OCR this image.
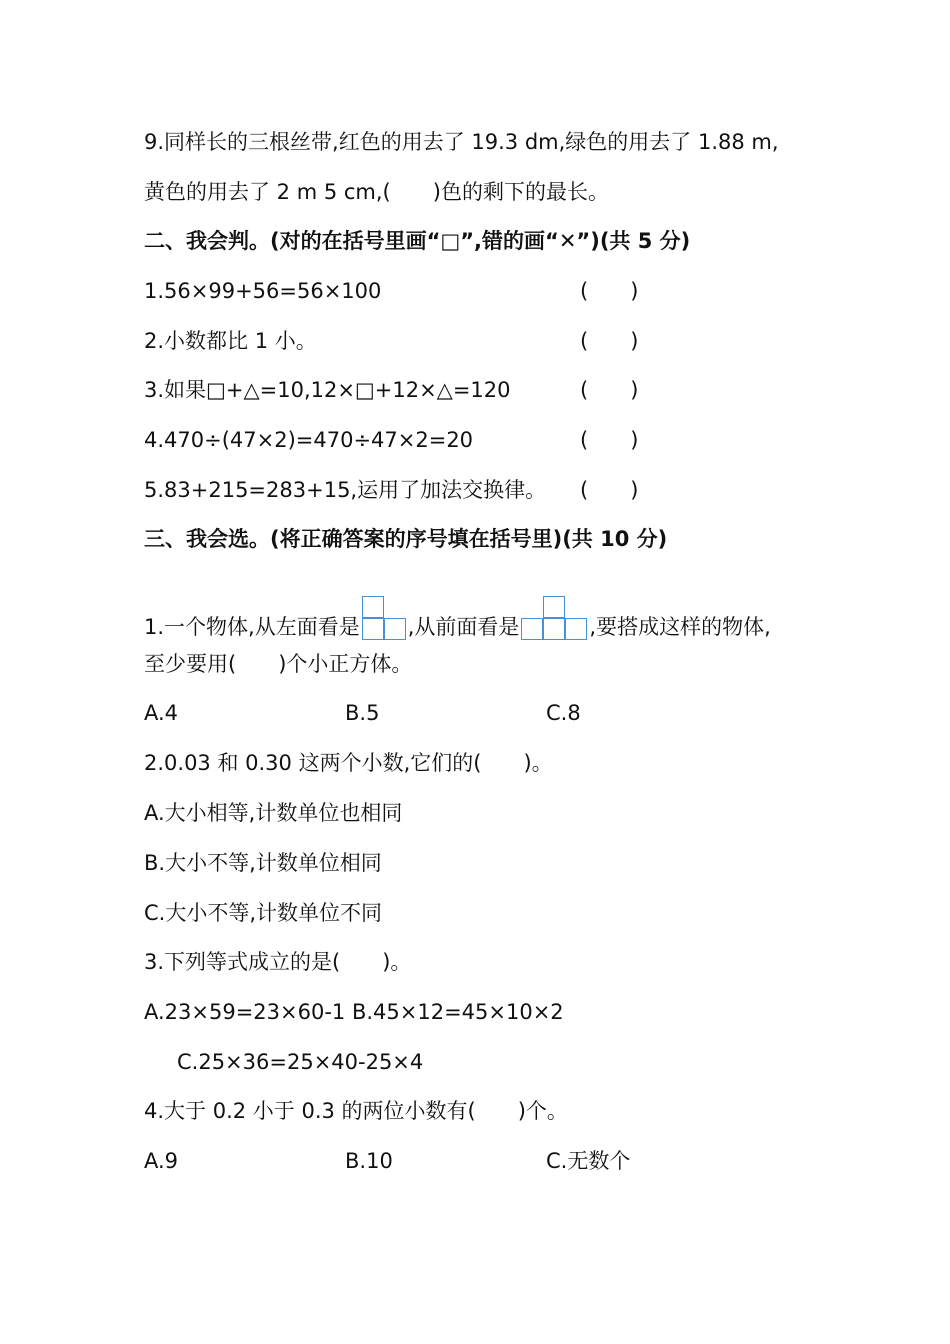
9.同样长的三根丝带,红色的用去了 19.3 dm,绿色的用去了 1.88 m,
黄色的用去了 2 m 5 cm,(　　)色的剩下的最长。
二、我会判。(对的在括号里画“□”,错的画“✕”)(共 5 分)
1.56×99+56=56×100	(　　)
2.小数都比 1 小。	(　　)
3.如果□+△=10,12×□+12×△=120	(　　)
4.470÷(47×2)=470÷47×2=20	(　　)
5.83+215=283+15,运用了加法交换律。 (　　)
三、我会选。(将正确答案的序号填在括号里)(共 10 分)
1.一个物体,从左面看是 ,从前面看是	,要搭成这样的物体,
至少要用(　　)个小正方体。
A.4	B.5	C.8
2.0.03 和 0.30 这两个小数,它们的(　　)。
A.大小相等,计数单位也相同
B.大小不等,计数单位相同
C.大小不等,计数单位不同
3.下列等式成立的是(　　)。
A.23×59=23×60-1 B.45×12=45×10×2
C.25×36=25×40-25×4
4.大于 0.2 小于 0.3 的两位小数有(　　)个。
A.9	B.10	C.无数个
